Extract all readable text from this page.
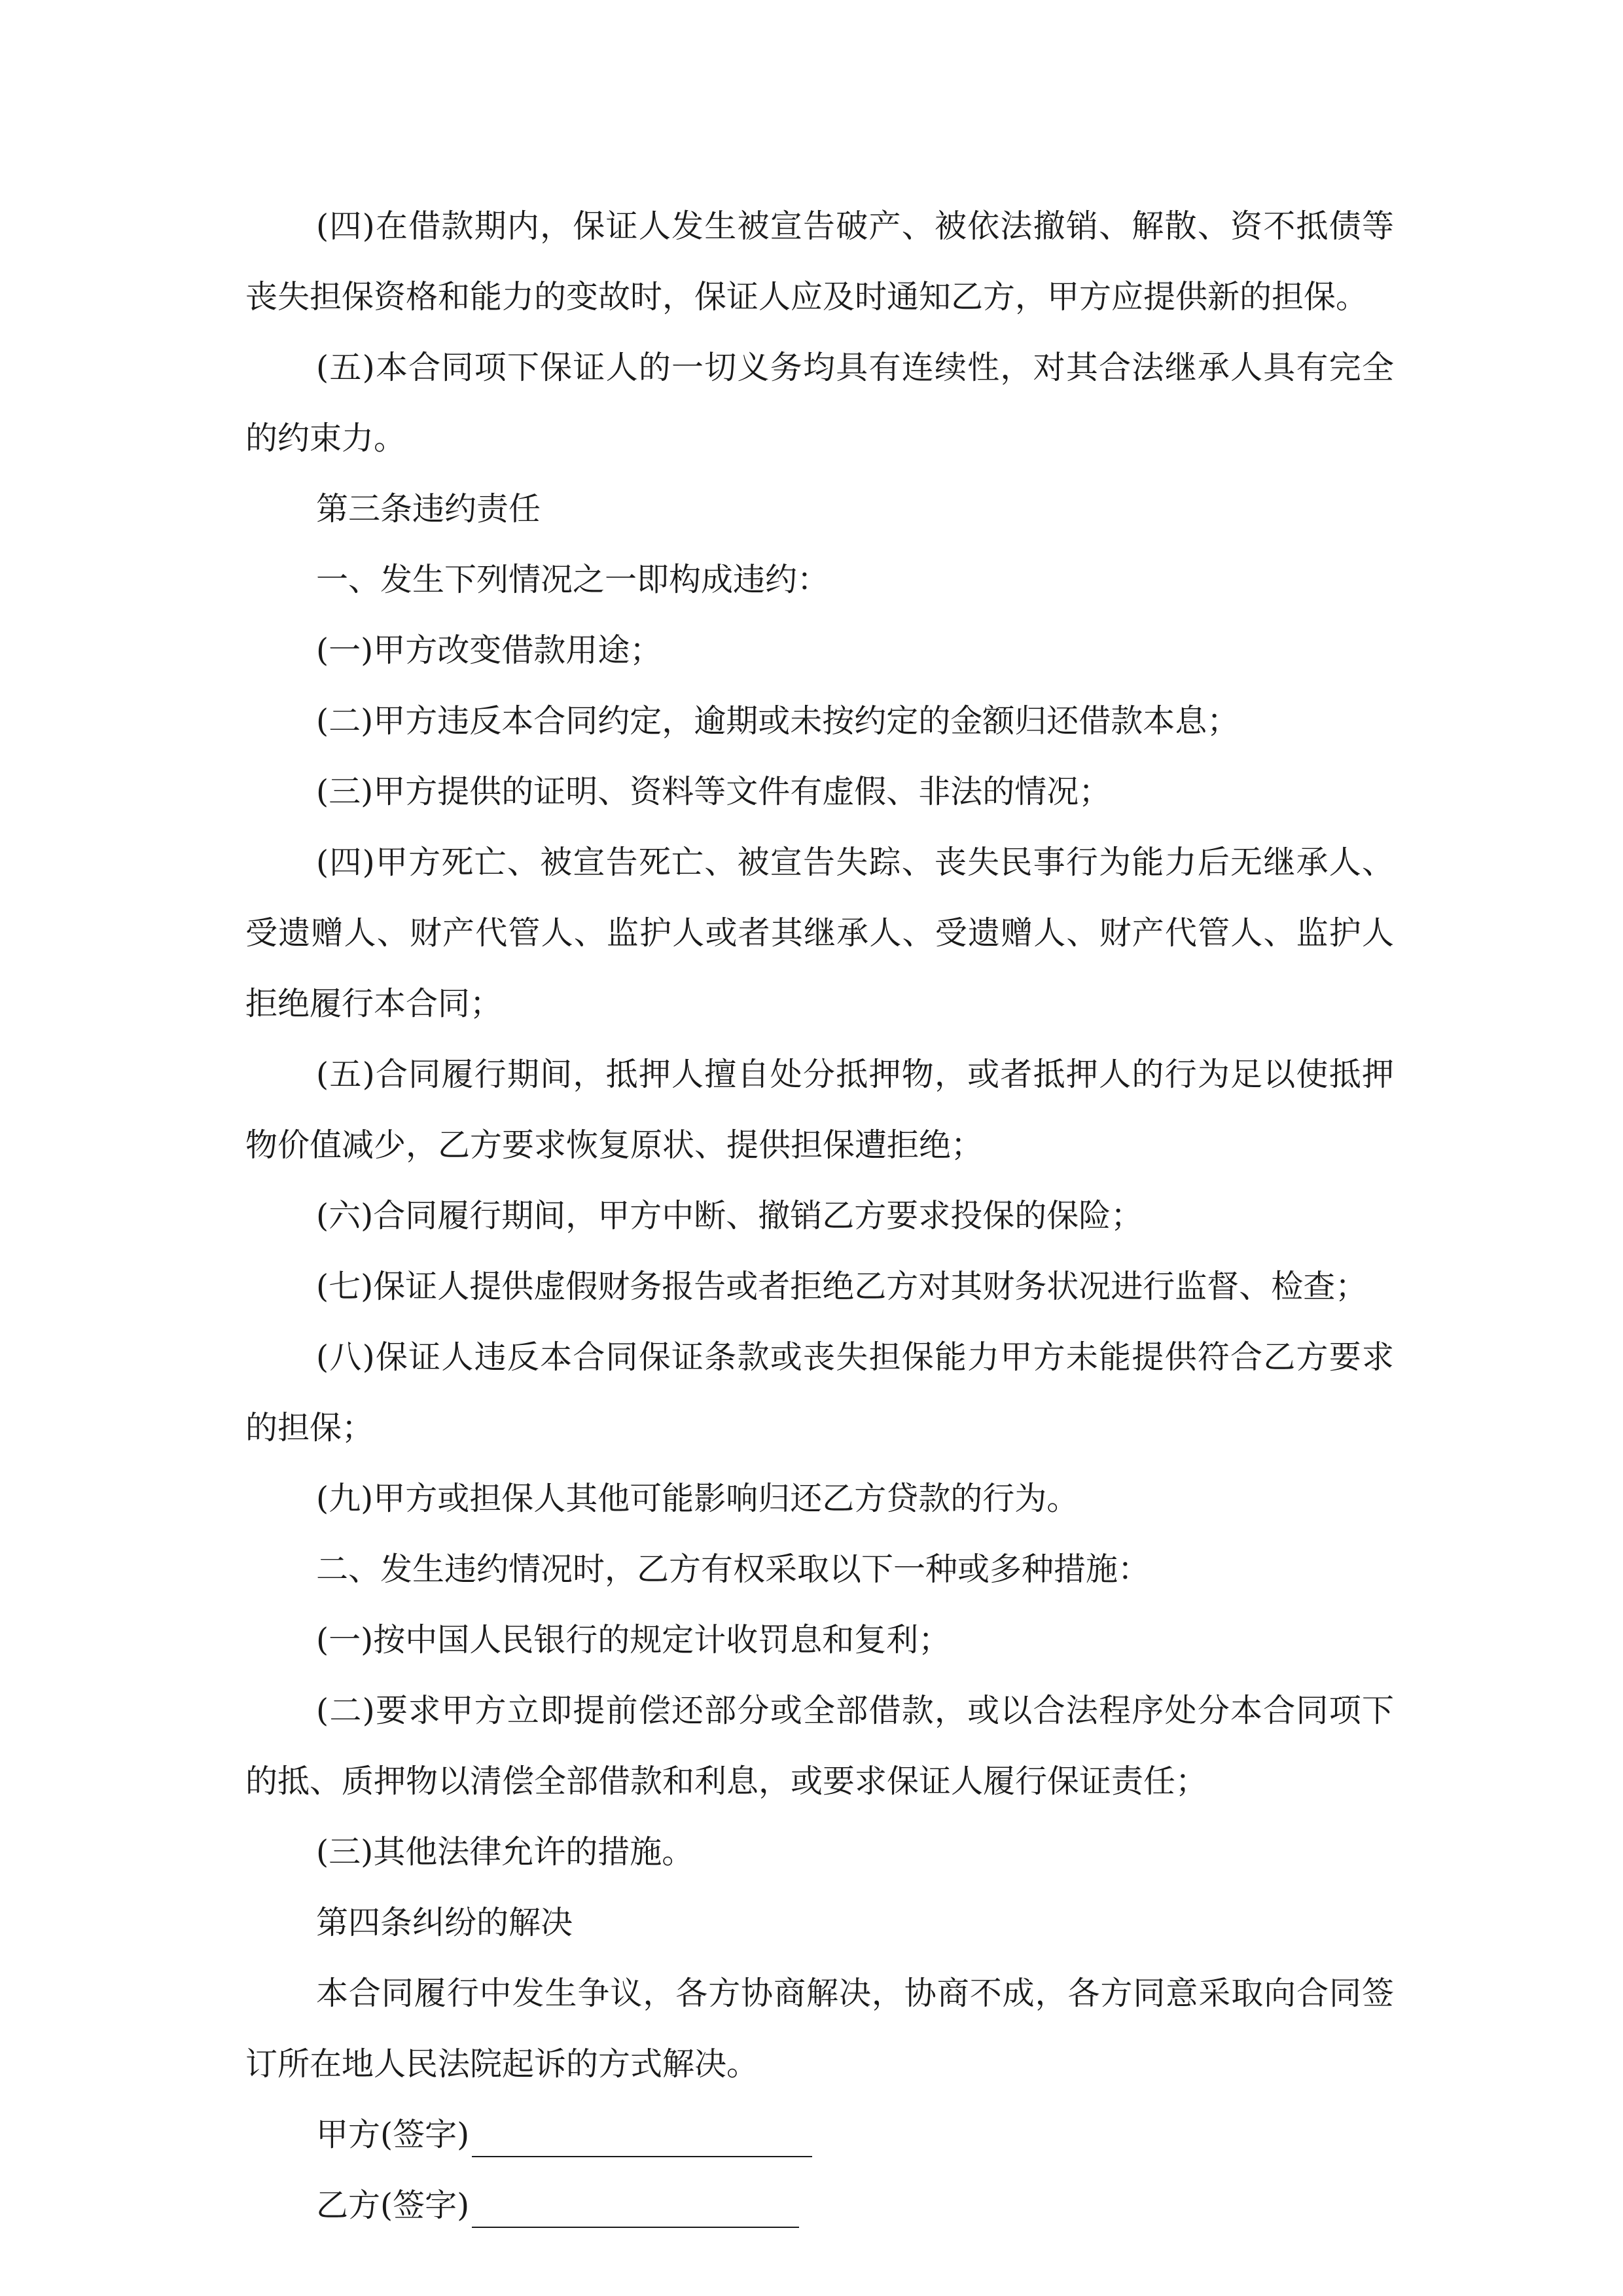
(四)在借款期内，保证人发生被宣告破产、被依法撤销、解散、资不抵债等丧失担保资格和能力的变故时，保证人应及时通知乙方，甲方应提供新的担保。

(五)本合同项下保证人的一切义务均具有连续性，对其合法继承人具有完全的约束力。

第三条违约责任

一、发生下列情况之一即构成违约：

(一)甲方改变借款用途；

(二)甲方违反本合同约定，逾期或未按约定的金额归还借款本息；

(三)甲方提供的证明、资料等文件有虚假、非法的情况；

(四)甲方死亡、被宣告死亡、被宣告失踪、丧失民事行为能力后无继承人、受遗赠人、财产代管人、监护人或者其继承人、受遗赠人、财产代管人、监护人拒绝履行本合同；

(五)合同履行期间，抵押人擅自处分抵押物，或者抵押人的行为足以使抵押物价值减少，乙方要求恢复原状、提供担保遭拒绝；

(六)合同履行期间，甲方中断、撤销乙方要求投保的保险；

(七)保证人提供虚假财务报告或者拒绝乙方对其财务状况进行监督、检查；

(八)保证人违反本合同保证条款或丧失担保能力甲方未能提供符合乙方要求的担保；

(九)甲方或担保人其他可能影响归还乙方贷款的行为。

二、发生违约情况时，乙方有权采取以下一种或多种措施：

(一)按中国人民银行的规定计收罚息和复利；

(二)要求甲方立即提前偿还部分或全部借款，或以合法程序处分本合同项下的抵、质押物以清偿全部借款和利息，或要求保证人履行保证责任；

(三)其他法律允许的措施。

第四条纠纷的解决

本合同履行中发生争议，各方协商解决，协商不成，各方同意采取向合同签订所在地人民法院起诉的方式解决。

甲方(签字)
乙方(签字)
